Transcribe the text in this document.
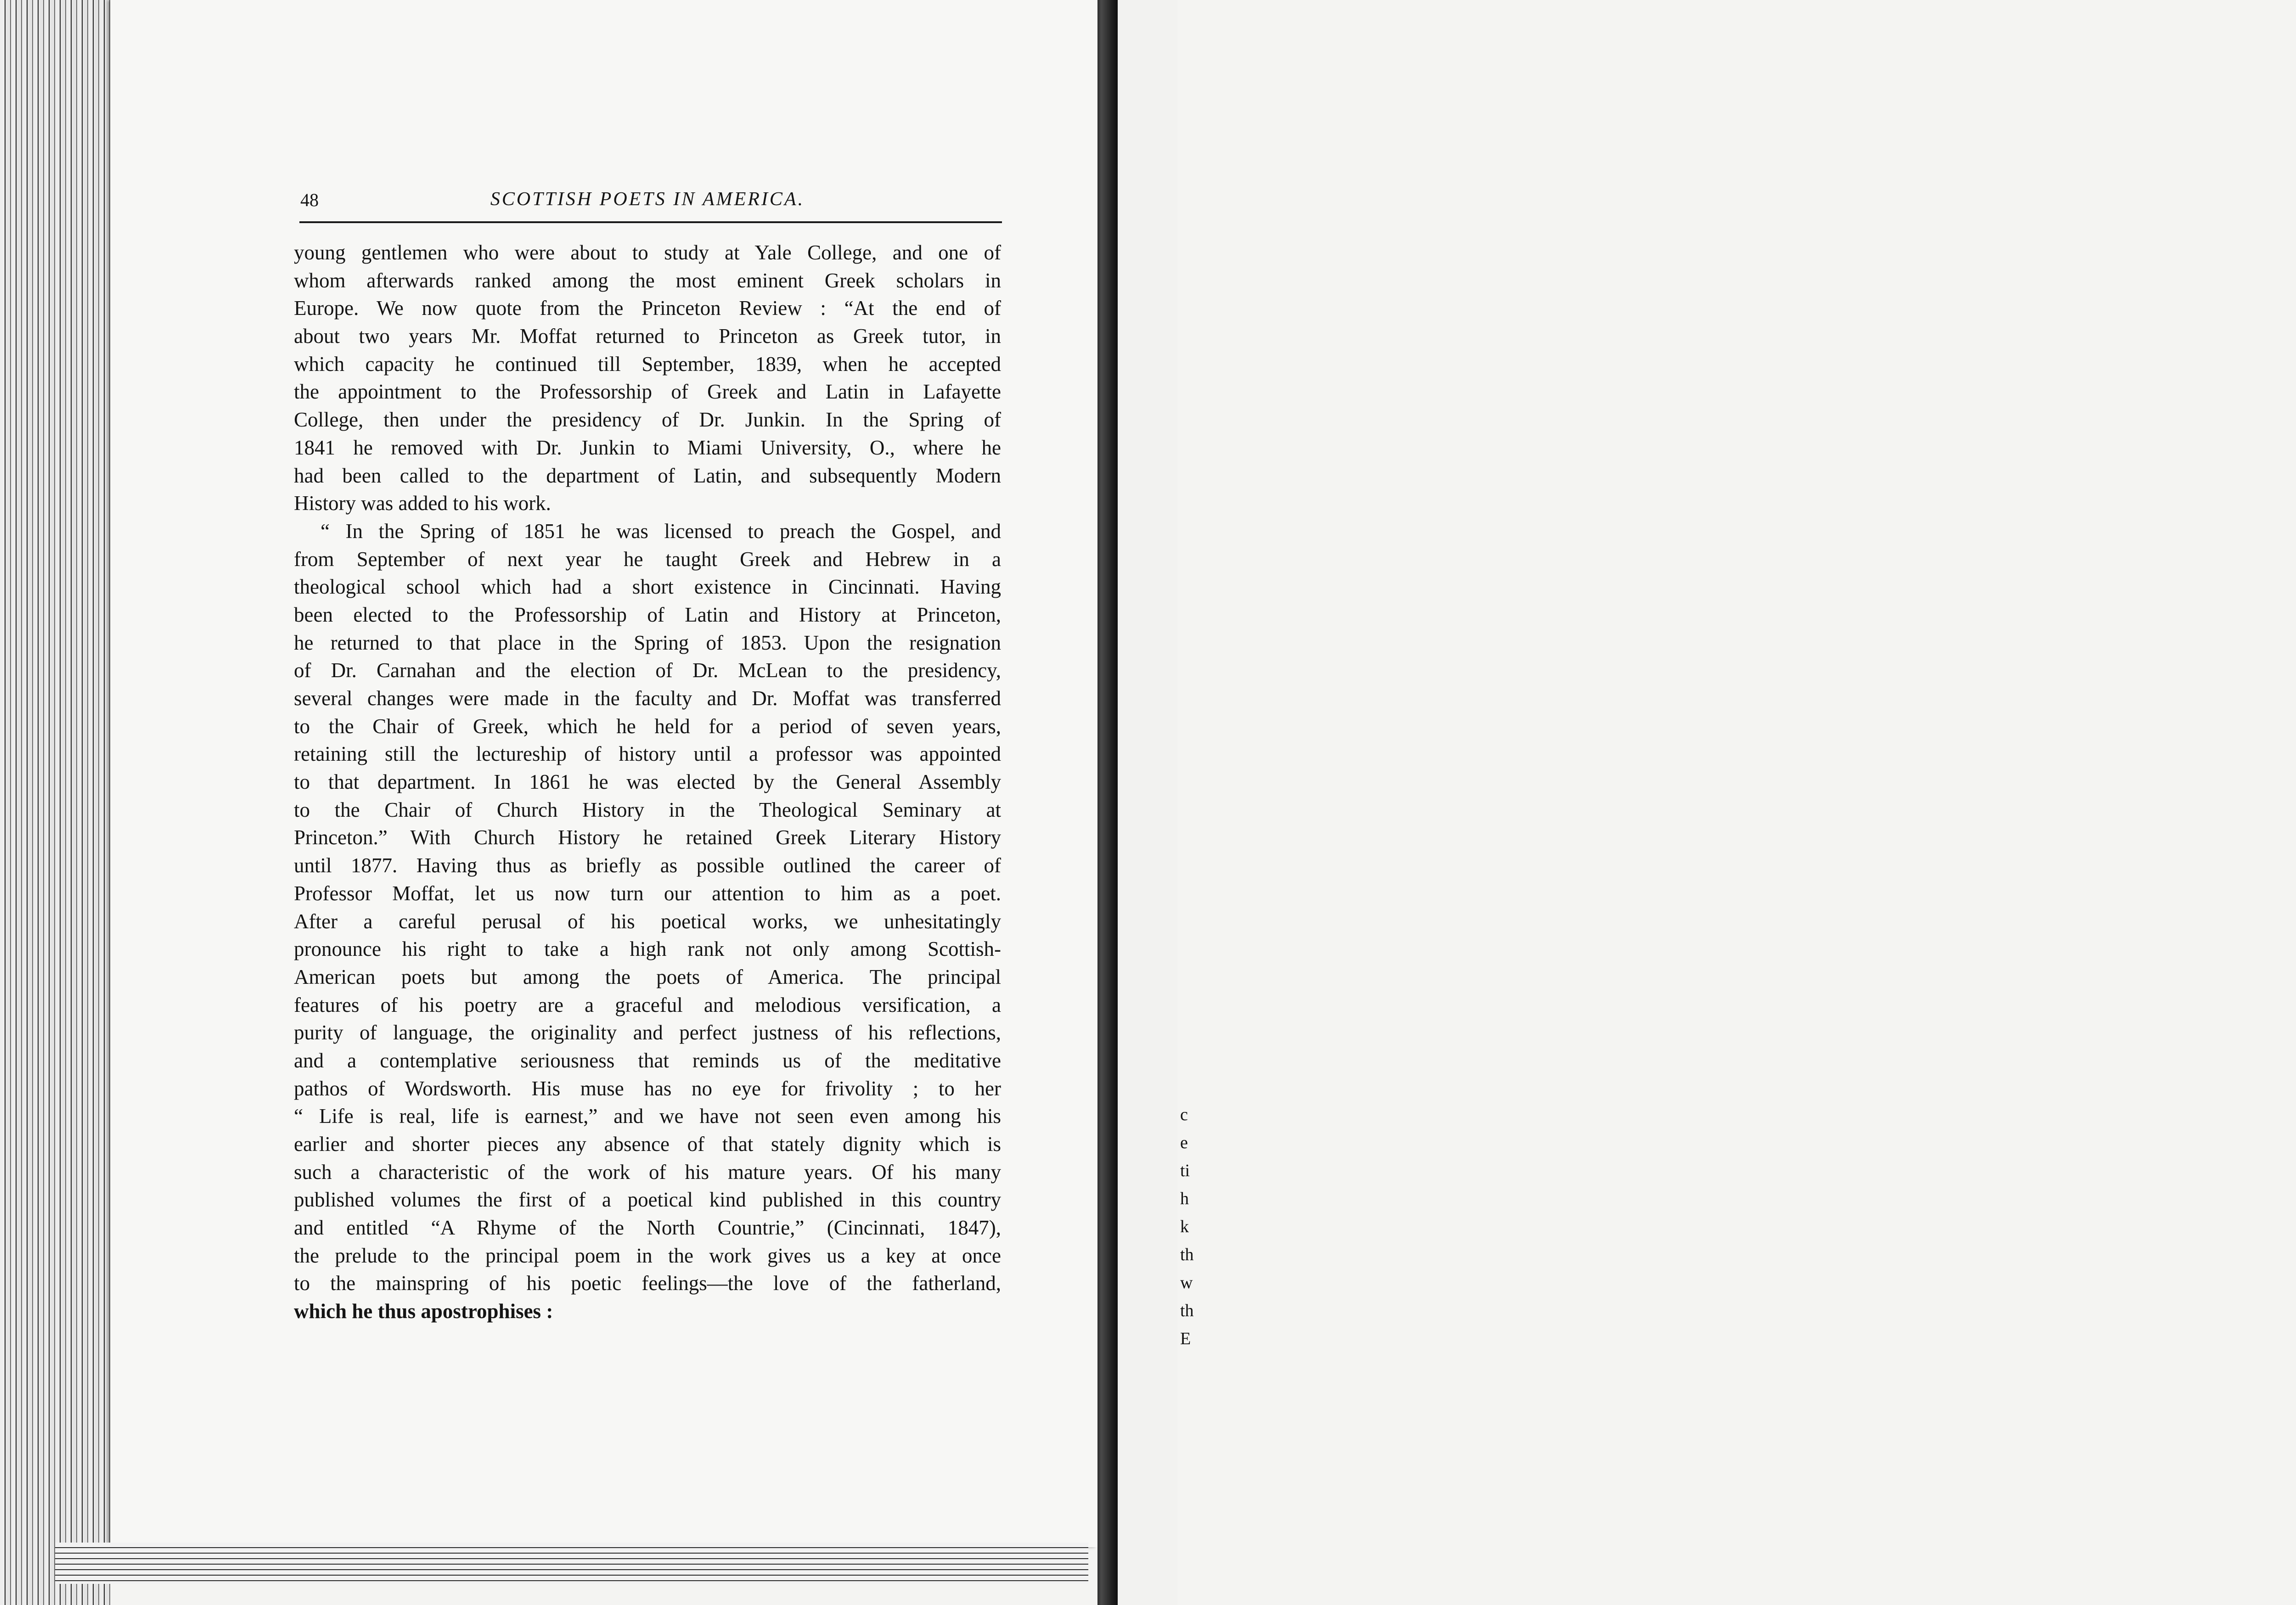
c
e
ti
h
k
th
w
th
E
48	SCOTTISH POETS IN AMERICA.
young gentlemen who were about to study at Yale College, and one of
whom afterwards ranked among the most eminent Greek scholars in
Europe. We now quote from the Princeton Review : “At the end of
about two years Mr. Moffat returned to Princeton as Greek tutor, in
which capacity he continued till September, 1839, when he accepted
the appointment to the Professorship of Greek and Latin in Lafayette
College, then under the presidency of Dr. Junkin. In the Spring of
1841 he removed with Dr. Junkin to Miami University, O., where he
had been called to the department of Latin, and subsequently Modern
History was added to his work.
“ In the Spring of 1851 he was licensed to preach the Gospel, and
from September of next year he taught Greek and Hebrew in a
theological school which had a short existence in Cincinnati. Having
been elected to the Professorship of Latin and History at Princeton,
he returned to that place in the Spring of 1853. Upon the resignation
of Dr. Carnahan and the election of Dr. McLean to the presidency,
several changes were made in the faculty and Dr. Moffat was transferred
to the Chair of Greek, which he held for a period of seven years,
retaining still the lectureship of history until a professor was appointed
to that department. In 1861 he was elected by the General Assembly
to the Chair of Church History in the Theological Seminary at
Princeton.” With Church History he retained Greek Literary History
until 1877. Having thus as briefly as possible outlined the career of
Professor Moffat, let us now turn our attention to him as a poet.
After a careful perusal of his poetical works, we unhesitatingly
pronounce his right to take a high rank not only among Scottish-
American poets but among the poets of America. The principal
features of his poetry are a graceful and melodious versification, a
purity of language, the originality and perfect justness of his reflections,
and a contemplative seriousness that reminds us of the meditative
pathos of Wordsworth. His muse has no eye for frivolity ; to her
“ Life is real, life is earnest,” and we have not seen even among his
earlier and shorter pieces any absence of that stately dignity which is
such a characteristic of the work of his mature years. Of his many
published volumes the first of a poetical kind published in this country
and entitled “A Rhyme of the North Countrie,” (Cincinnati, 1847),
the prelude to the principal poem in the work gives us a key at once
to the mainspring of his poetic feelings—the love of the fatherland,
which he thus apostrophises :
